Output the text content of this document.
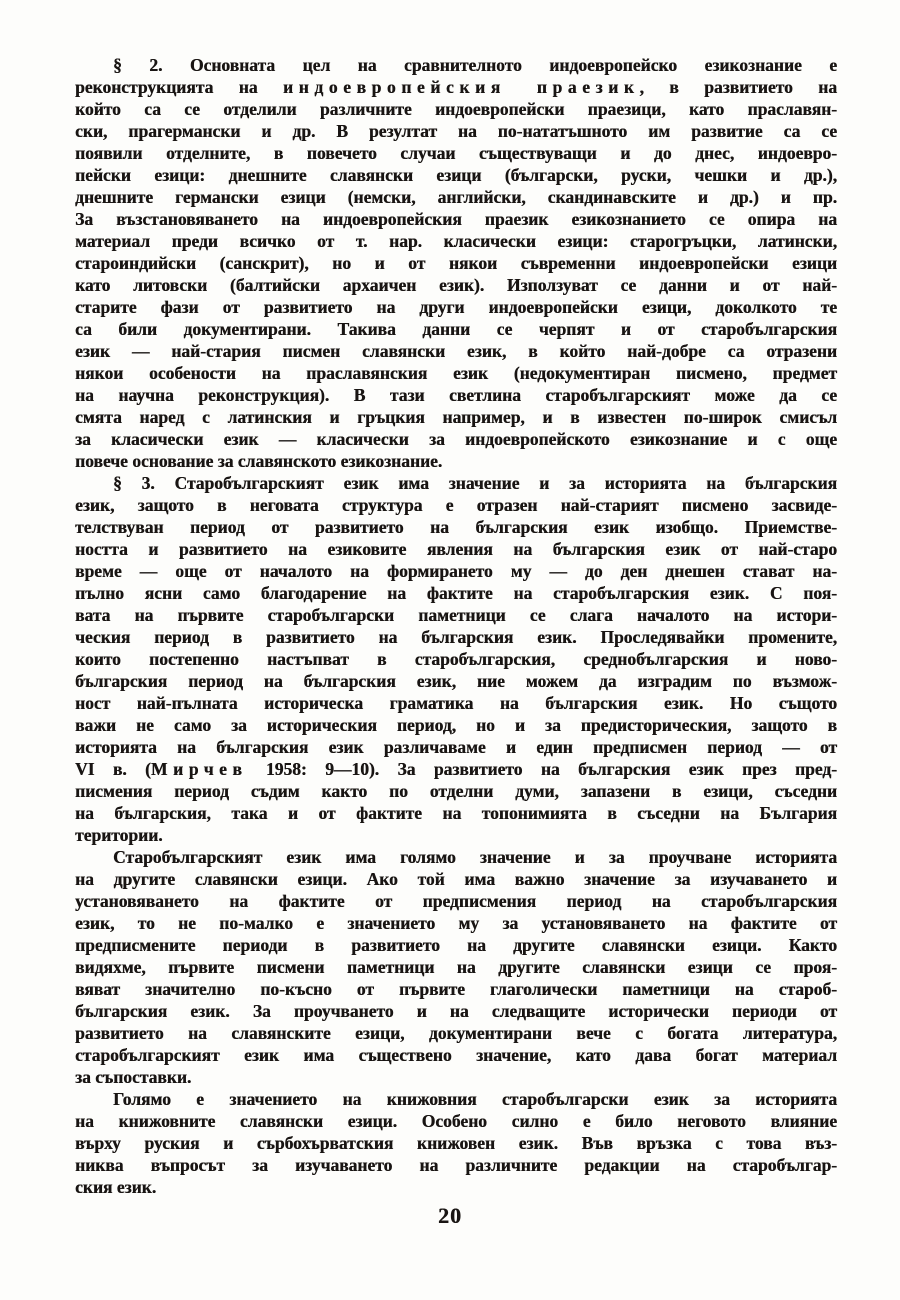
§ 2. Основната цел на сравнителното индоевропейско езикознание е
реконструкцията на индоевропейския праезик, в развитието на
който са се отделили различните индоевропейски праезици, като праславян-
ски, прагермански и др. В резултат на по-нататъшното им развитие са се
появили отделните, в повечето случаи съществуващи и до днес, индоевро-
пейски езици: днешните славянски езици (български, руски, чешки и др.),
днешните германски езици (немски, английски, скандинавските и др.) и пр.
За възстановяването на индоевропейския праезик езикознанието се опира на
материал преди всичко от т. нар. класически езици: старогръцки, латински,
староиндийски (санскрит), но и от някои съвременни индоевропейски езици
като литовски (балтийски архаичен език). Използуват се данни и от най-
старите фази от развитието на други индоевропейски езици, доколкото те
са били документирани. Такива данни се черпят и от старобългарския
език — най-стария писмен славянски език, в който най-добре са отразени
някои особености на праславянския език (недокументиран писмено, предмет
на научна реконструкция). В тази светлина старобългарският може да се
смята наред с латинския и гръцкия например, и в известен по-широк смисъл
за класически език — класически за индоевропейското езикознание и с още
повече основание за славянското езикознание.
§ 3. Старобългарският език има значение и за историята на българския
език, защото в неговата структура е отразен най-старият писмено засвиде-
телствуван период от развитието на българския език изобщо. Приемстве-
ността и развитието на езиковите явления на българския език от най-старо
време — още от началото на формирането му — до ден днешен стават на-
пълно ясни само благодарение на фактите на старобългарския език. С поя-
вата на първите старобългарски паметници се слага началото на истори-
ческия период в развитието на българския език. Проследявайки промените,
които постепенно настъпват в старобългарския, среднобългарския и ново-
българския период на българския език, ние можем да изградим по възмож-
ност най-пълната историческа граматика на българския език. Но същото
важи не само за историческия период, но и за предисторическия, защото в
историята на българския език различаваме и един предписмен период — от
VI в. (Мирчев 1958: 9—10). За развитието на българския език през пред-
писмения период съдим както по отделни думи, запазени в езици, съседни
на българския, така и от фактите на топонимията в съседни на България
територии.
Старобългарският език има голямо значение и за проучване историята
на другите славянски езици. Ако той има важно значение за изучаването и
установяването на фактите от предписмения период на старобългарския
език, то не по-малко е значението му за установяването на фактите от
предписмените периоди в развитието на другите славянски езици. Както
видяхме, първите писмени паметници на другите славянски езици се проя-
вяват значително по-късно от първите глаголически паметници на староб-
българския език. За проучването и на следващите исторически периоди от
развитието на славянските езици, документирани вече с богата литература,
старобългарският език има съществено значение, като дава богат материал
за съпоставки.
Голямо е значението на книжовния старобългарски език за историята
на книжовните славянски езици. Особено силно е било неговото влияние
върху руския и сърбохърватския книжовен език. Във връзка с това въз-
никва въпросът за изучаването на различните редакции на старобългар-
ския език.
20
